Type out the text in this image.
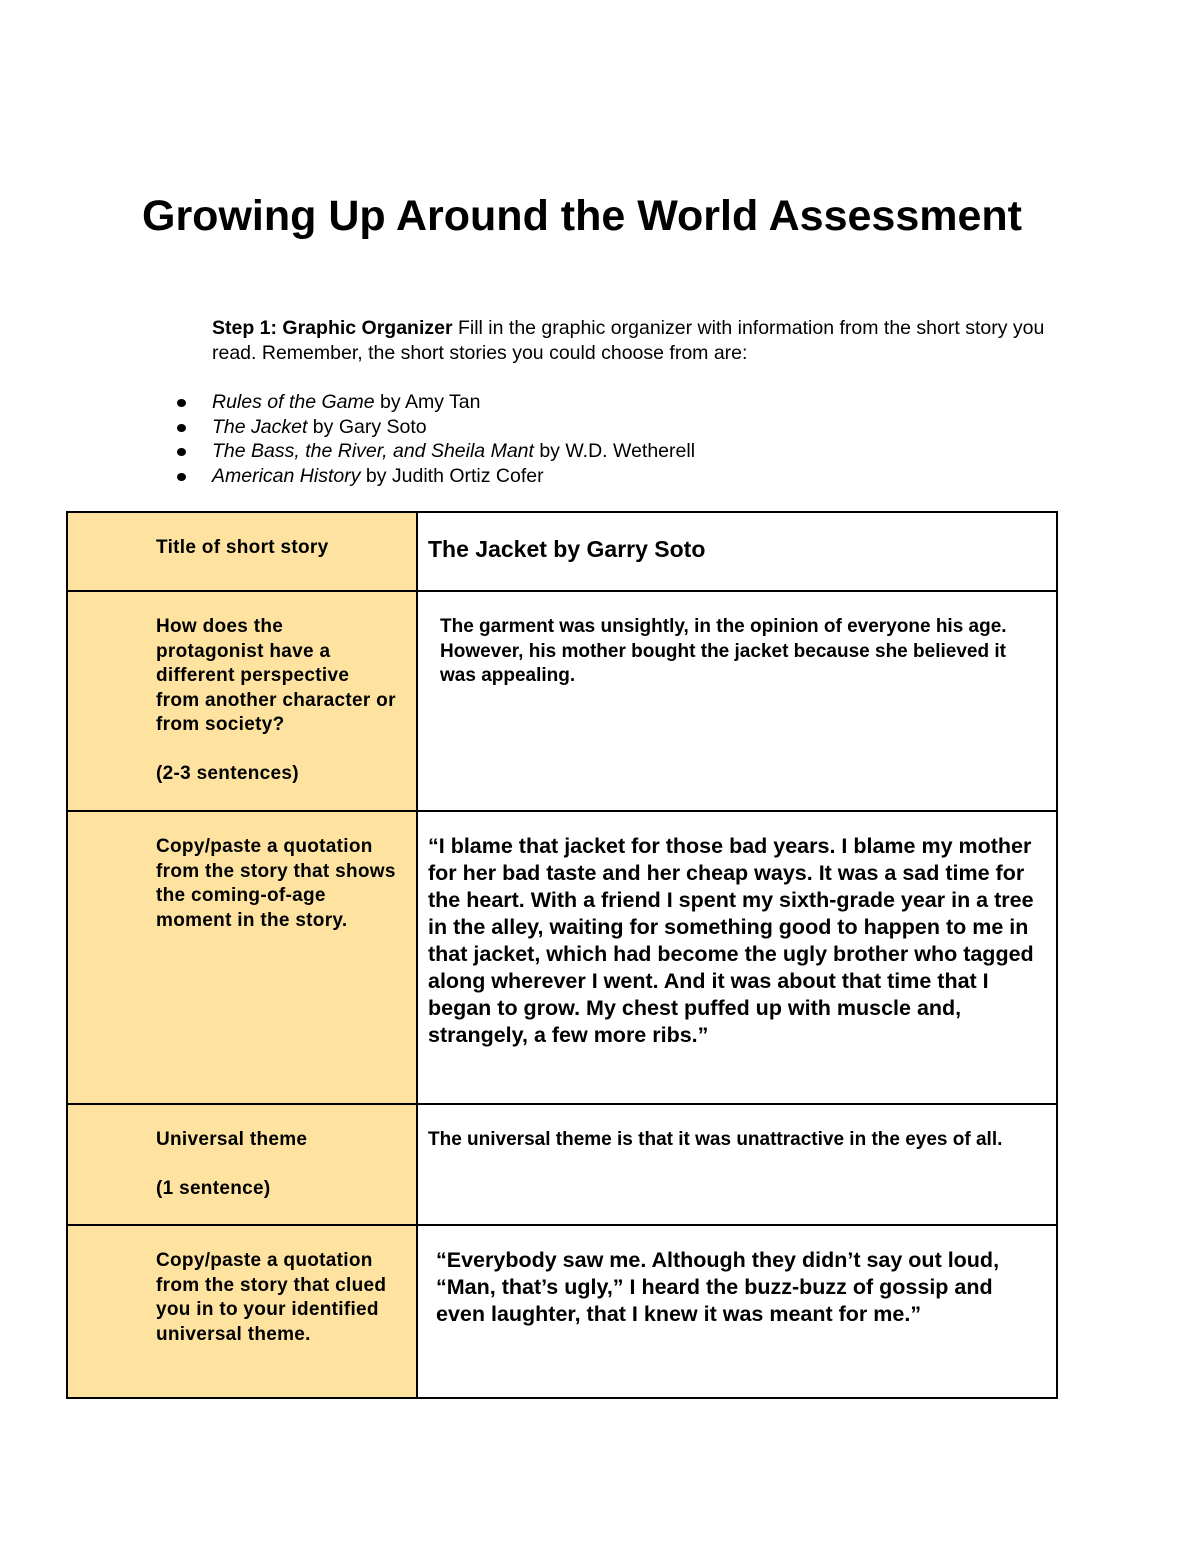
Growing Up Around the World Assessment

Step 1: Graphic Organizer Fill in the graphic organizer with information from the short story you read. Remember, the short stories you could choose from are:

Rules of the Game by Amy Tan
The Jacket by Gary Soto
The Bass, the River, and Sheila Mant by W.D. Wetherell
American History by Judith Ortiz Cofer

Title of short story	The Jacket by Garry Soto

How does the protagonist have a different perspective from another character or from society?

(2-3 sentences)	The garment was unsightly, in the opinion of everyone his age. However, his mother bought the jacket because she believed it was appealing.

Copy/paste a quotation from the story that shows the coming-of-age moment in the story.	“I blame that jacket for those bad years. I blame my mother for her bad taste and her cheap ways. It was a sad time for the heart. With a friend I spent my sixth-grade year in a tree in the alley, waiting for something good to happen to me in that jacket, which had become the ugly brother who tagged along wherever I went. And it was about that time that I began to grow. My chest puffed up with muscle and, strangely, a few more ribs.”

Universal theme

(1 sentence)	The universal theme is that it was unattractive in the eyes of all.

Copy/paste a quotation from the story that clued you in to your identified universal theme.	“Everybody saw me. Although they didn’t say out loud, “Man, that’s ugly,” I heard the buzz-buzz of gossip and even laughter, that I knew it was meant for me.”
